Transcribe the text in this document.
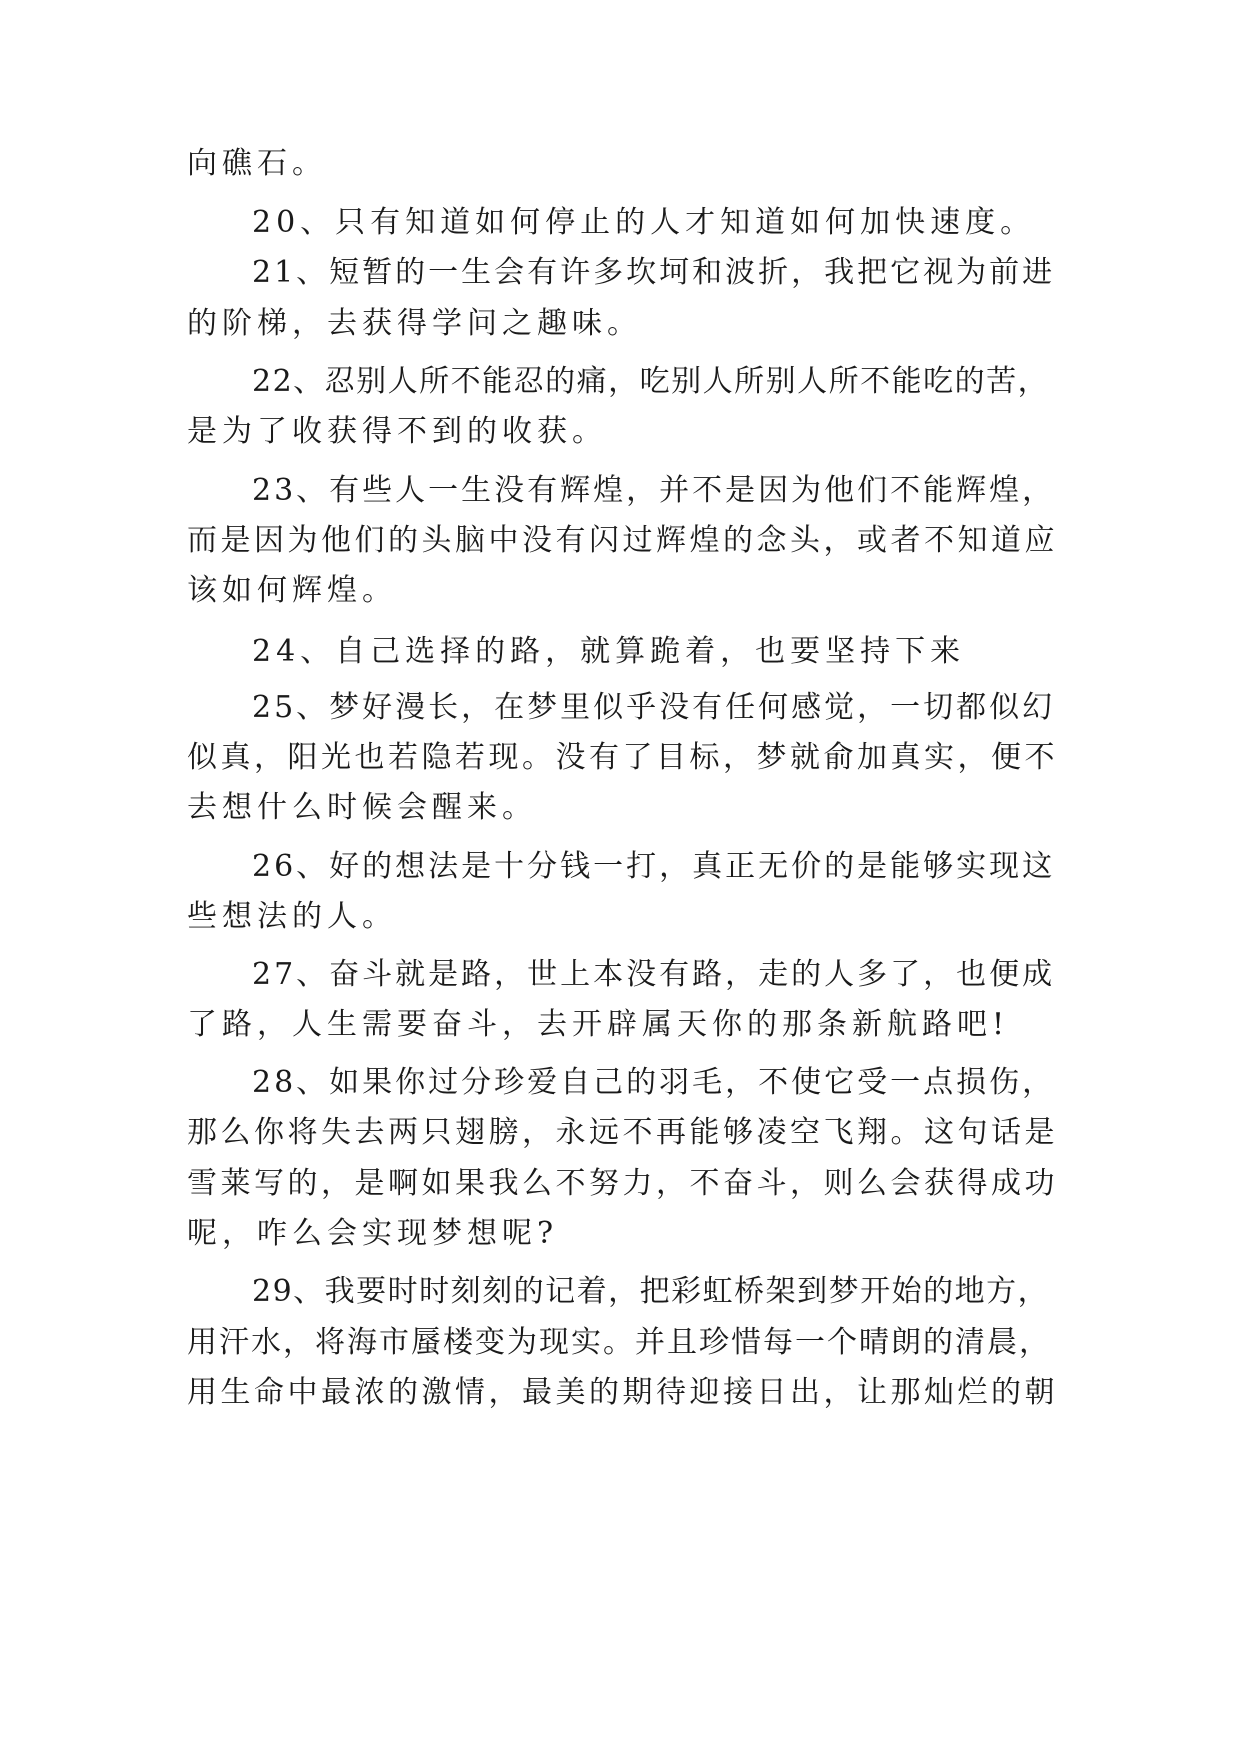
向礁石。
20、只有知道如何停止的人才知道如何加快速度。
21、短暂的一生会有许多坎坷和波折，我把它视为前进
的阶梯，去获得学问之趣味。
22、忍别人所不能忍的痛，吃别人所别人所不能吃的苦，
是为了收获得不到的收获。
23、有些人一生没有辉煌，并不是因为他们不能辉煌，
而是因为他们的头脑中没有闪过辉煌的念头，或者不知道应
该如何辉煌。
24、自己选择的路，就算跪着，也要坚持下来
25、梦好漫长，在梦里似乎没有任何感觉，一切都似幻
似真，阳光也若隐若现。没有了目标，梦就俞加真实，便不
去想什么时候会醒来。
26、好的想法是十分钱一打，真正无价的是能够实现这
些想法的人。
27、奋斗就是路，世上本没有路，走的人多了，也便成
了路，人生需要奋斗，去开辟属天你的那条新航路吧!
28、如果你过分珍爱自己的羽毛，不使它受一点损伤，
那么你将失去两只翅膀，永远不再能够凌空飞翔。这句话是
雪莱写的，是啊如果我么不努力，不奋斗，则么会获得成功
呢，咋么会实现梦想呢?
29、我要时时刻刻的记着，把彩虹桥架到梦开始的地方，
用汗水，将海市蜃楼变为现实。并且珍惜每一个晴朗的清晨，
用生命中最浓的激情，最美的期待迎接日出，让那灿烂的朝
